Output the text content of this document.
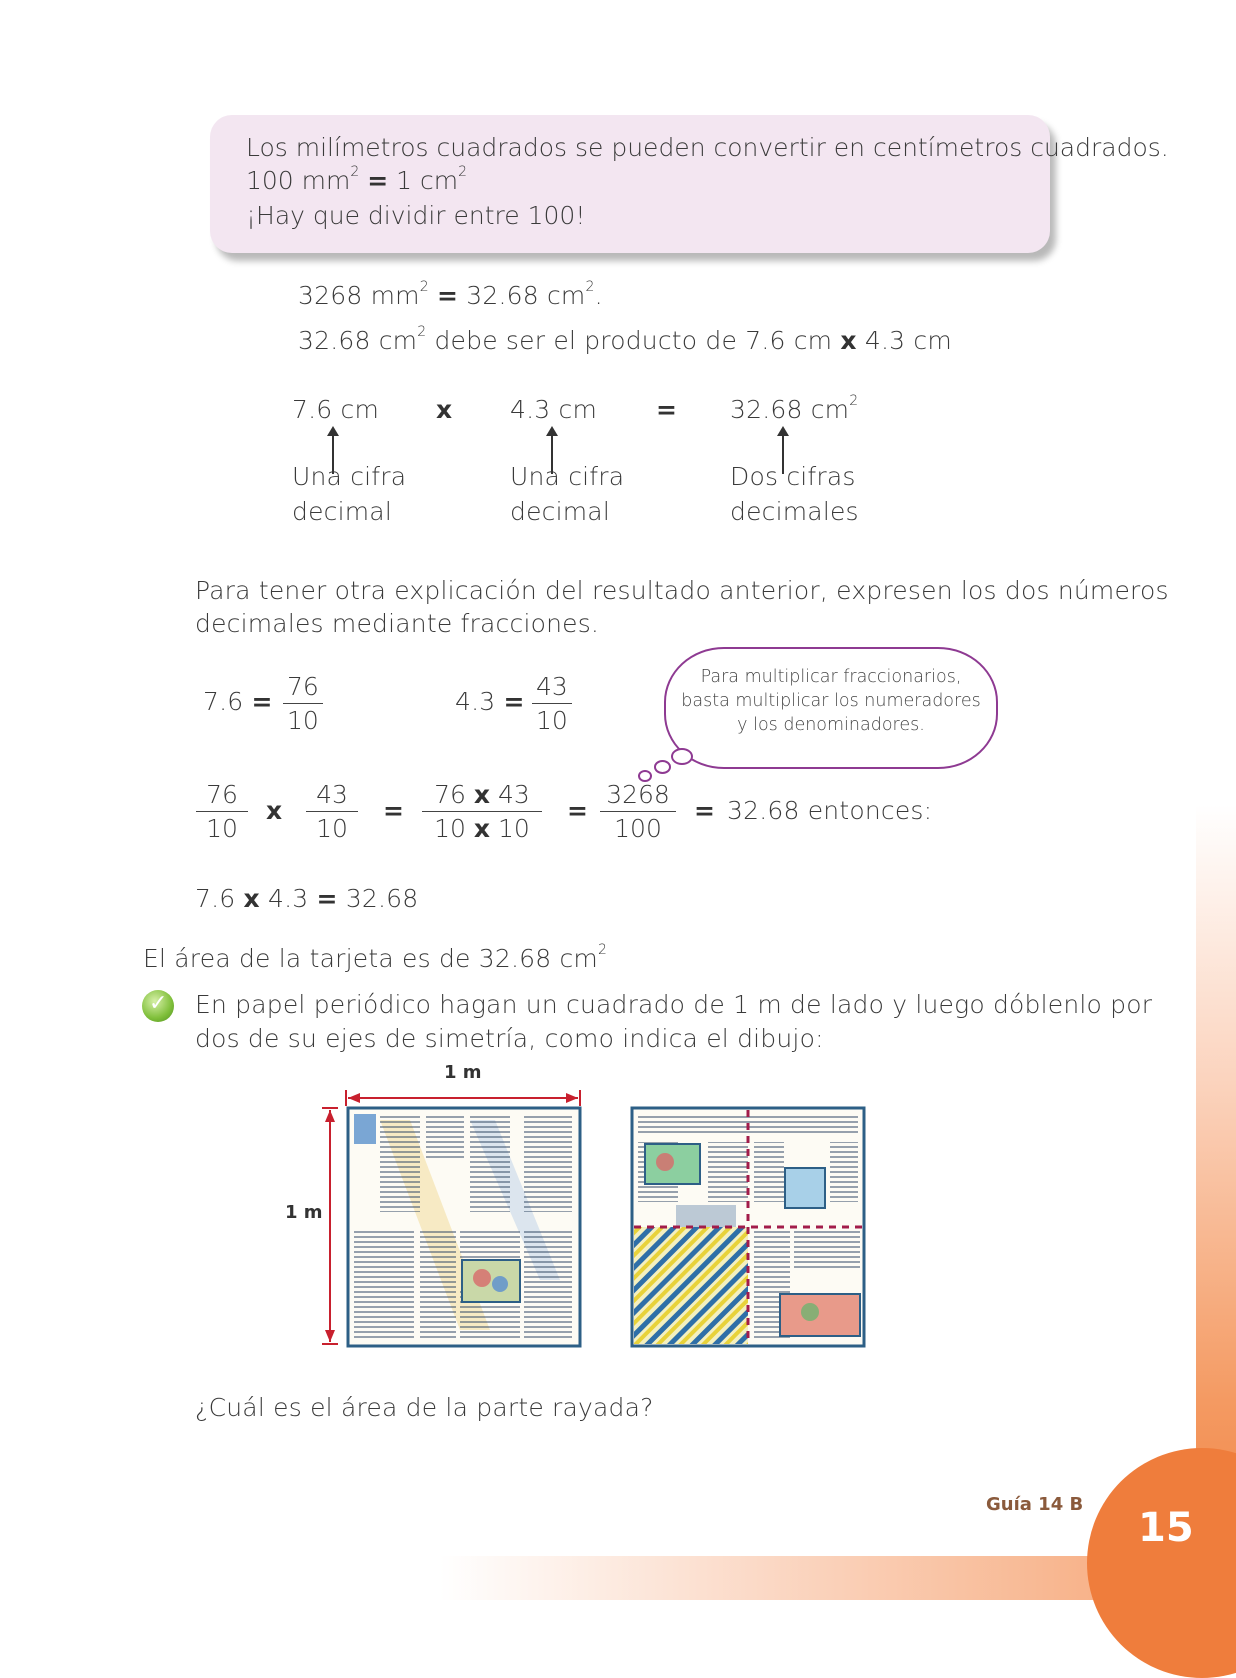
15
Guía 14 B
Los milímetros cuadrados se pueden convertir en centímetros cuadrados.
100 $mm^2 = 1$ $cm^2$
¡Hay que dividir entre 100!
3268 $mm^2 = 32.68$ $cm^2$.
32.68 $cm^2$ debe ser el producto de 7.6 cm x 4.3 cm
7.6 cm x 4.3 cm = 32.68 $cm^2$
Una cifra
decimal
Una cifra
decimal
Dos cifras
decimales
Para tener otra explicación del resultado anterior, expresen los dos números
decimales mediante fracciones.
$7.6 = \frac{76}{10}$	$4.3 = \frac{43}{10}$	Para multiplicar fraccionarios,
basta multiplicar los numeradores
y los denominadores.
$\frac{76}{10}$ x $\frac{43}{10} = \frac{76 x 43}{10 x 10} = \frac{3268}{100} = 32.68$ entonces:
7.6 x 4.3 = 32.68
El área de la tarjeta es de 32.68 $cm^2$
✓ En papel periódico hagan un cuadrado de 1 m de lado y luego dóblenlo por
dos de su ejes de simetría, como indica el dibujo:
1 m
1 m
¿Cuál es el área de la parte rayada?
